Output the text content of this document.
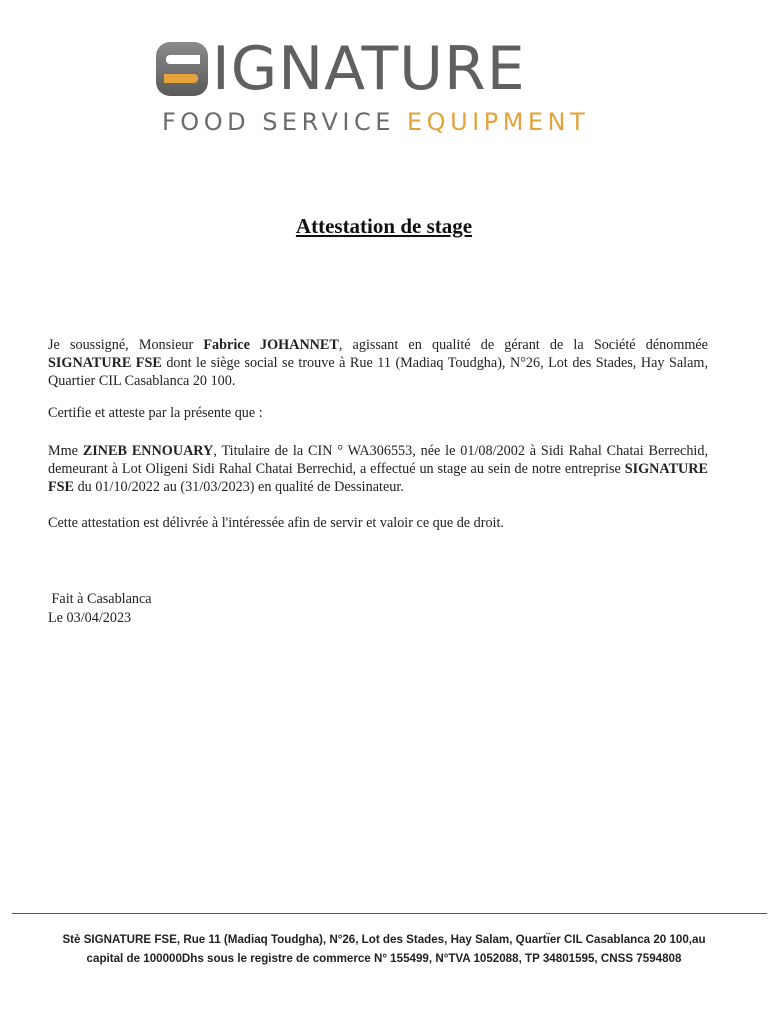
IGNATURE
FOOD SERVICE EQUIPMENT
Attestation de stage
Je soussigné, Monsieur Fabrice JOHANNET, agissant en qualité de gérant de la Société dénommée SIGNATURE FSE dont le siège social se trouve à Rue 11 (Madiaq Toudgha), N°26, Lot des Stades, Hay Salam, Quartier CIL Casablanca 20 100.
Certifie et atteste par la présente que :
Mme ZINEB ENNOUARY, Titulaire de la CIN ° WA306553, née le 01/08/2002 à Sidi Rahal Chatai Berrechid, demeurant à Lot Oligeni Sidi Rahal Chatai Berrechid, a effectué un stage au sein de notre entreprise SIGNATURE FSE du 01/10/2022 au (31/03/2023) en qualité de Dessinateur.
Cette attestation est délivrée à l'intéressée afin de servir et valoir ce que de droit.
Fait à Casablanca
Le 03/04/2023
Stè SIGNATURE FSE, Rue 11 (Madiaq Toudgha), N°26, Lot des Stades, Hay Salam, Quartı̈er CIL Casablanca 20 100,au
capital de 100000Dhs sous le registre de commerce N° 155499, N°TVA 1052088, TP 34801595, CNSS 7594808
